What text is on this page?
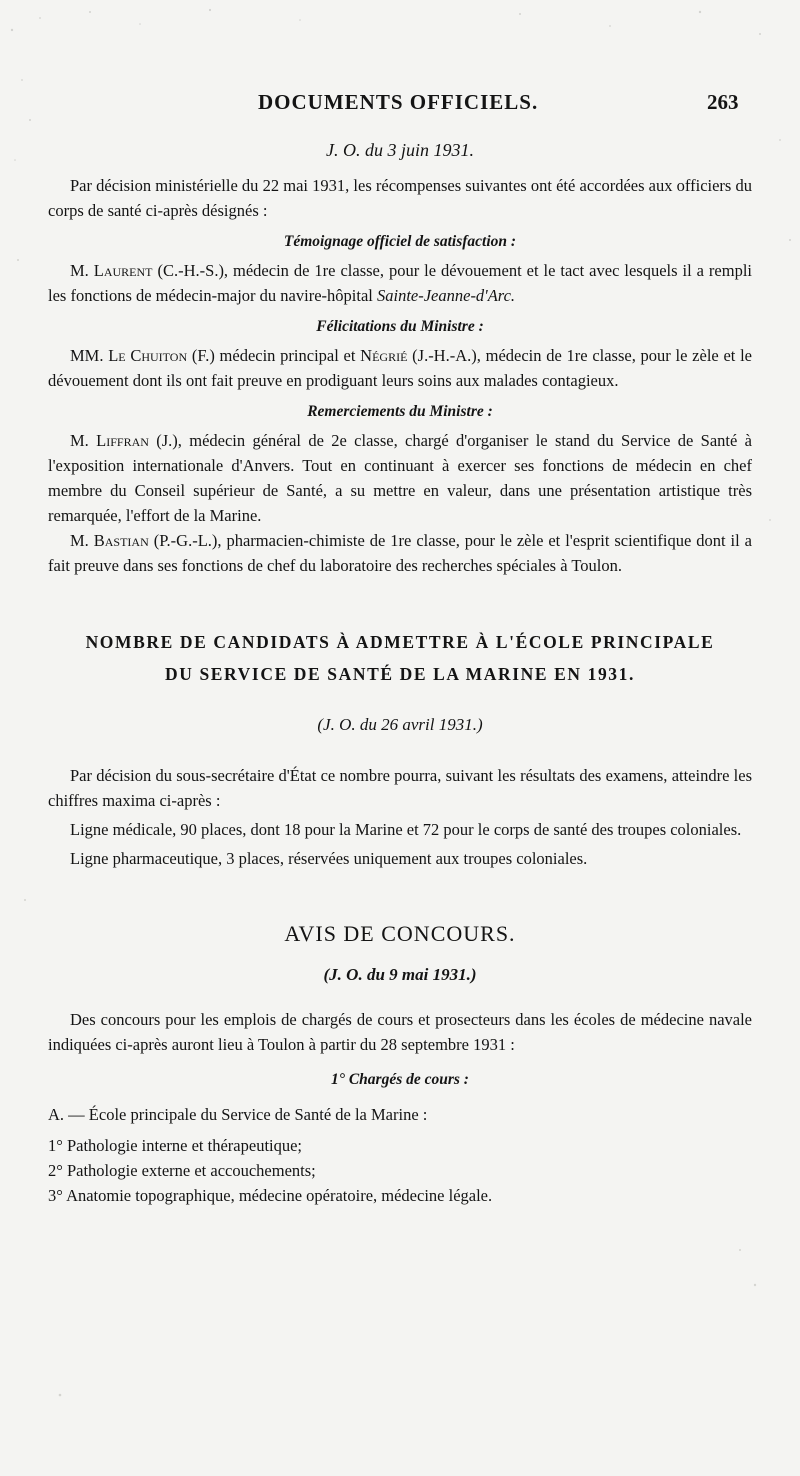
DOCUMENTS OFFICIELS.	263

J. O. du 3 juin 1931.

Par décision ministérielle du 22 mai 1931, les récompenses suivantes ont été accordées aux officiers du corps de santé ci-après désignés :

Témoignage officiel de satisfaction :

M. Laurent (C.-H.-S.), médecin de 1re classe, pour le dévouement et le tact avec lesquels il a rempli les fonctions de médecin-major du navire-hôpital Sainte-Jeanne-d'Arc.

Félicitations du Ministre :

MM. Le Chuiton (F.) médecin principal et Négrié (J.-H.-A.), médecin de 1re classe, pour le zèle et le dévouement dont ils ont fait preuve en prodiguant leurs soins aux malades contagieux.

Remerciements du Ministre :

M. Liffran (J.), médecin général de 2e classe, chargé d'organiser le stand du Service de Santé à l'exposition internationale d'Anvers. Tout en continuant à exercer ses fonctions de médecin en chef membre du Conseil supérieur de Santé, a su mettre en valeur, dans une présentation artistique très remarquée, l'effort de la Marine.

M. Bastian (P.-G.-L.), pharmacien-chimiste de 1re classe, pour le zèle et l'esprit scientifique dont il a fait preuve dans ses fonctions de chef du laboratoire des recherches spéciales à Toulon.

NOMBRE DE CANDIDATS À ADMETTRE À L'ÉCOLE PRINCIPALE
DU SERVICE DE SANTÉ DE LA MARINE EN 1931.
(J. O. du 26 avril 1931.)

Par décision du sous-secrétaire d'État ce nombre pourra, suivant les résultats des examens, atteindre les chiffres maxima ci-après :

Ligne médicale, 90 places, dont 18 pour la Marine et 72 pour le corps de santé des troupes coloniales.

Ligne pharmaceutique, 3 places, réservées uniquement aux troupes coloniales.

AVIS DE CONCOURS.
(J. O. du 9 mai 1931.)

Des concours pour les emplois de chargés de cours et prosecteurs dans les écoles de médecine navale indiquées ci-après auront lieu à Toulon à partir du 28 septembre 1931 :

1° Chargés de cours :

A. — École principale du Service de Santé de la Marine :

1° Pathologie interne et thérapeutique;

2° Pathologie externe et accouchements;

3° Anatomie topographique, médecine opératoire, médecine légale.
